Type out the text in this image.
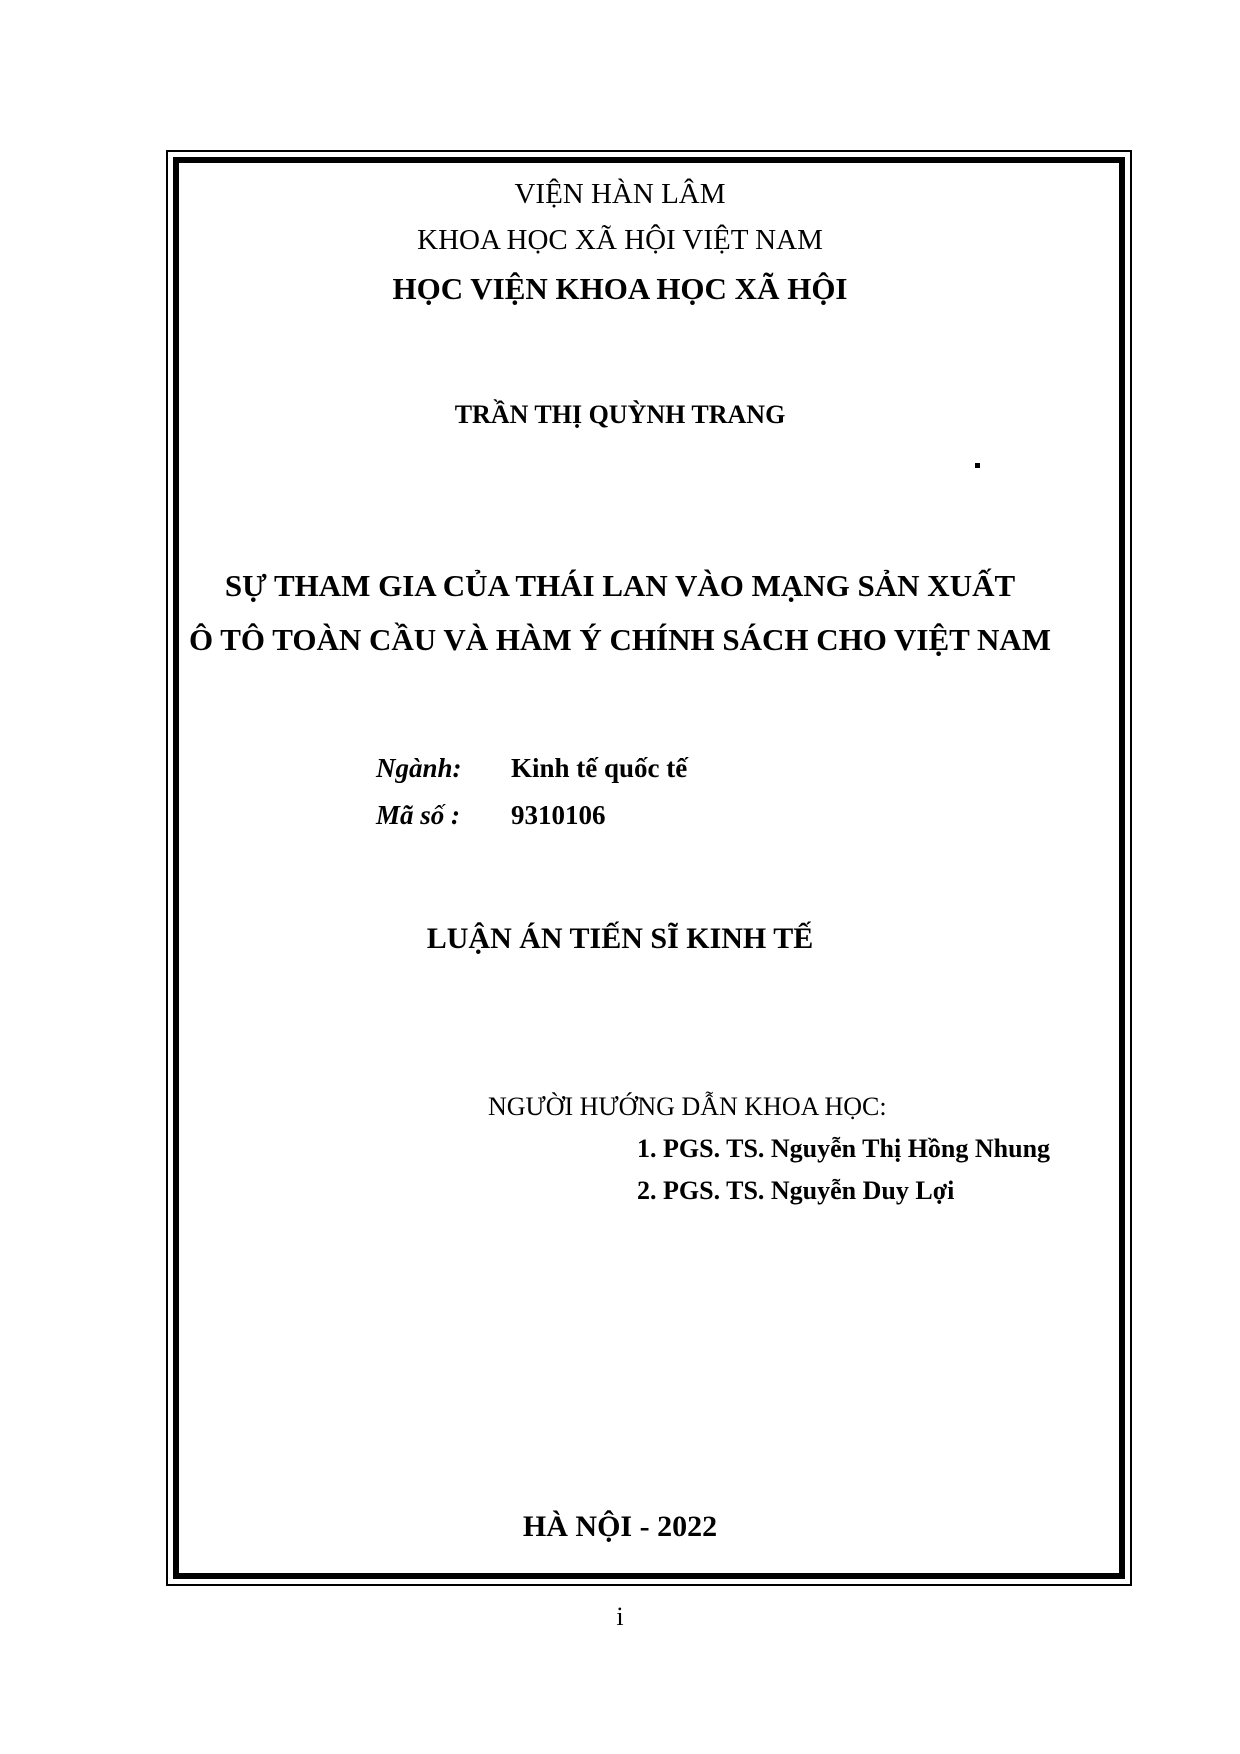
VIỆN HÀN LÂM
KHOA HỌC XÃ HỘI VIỆT NAM
HỌC VIỆN KHOA HỌC XÃ HỘI
TRẦN THỊ QUỲNH TRANG
SỰ THAM GIA CỦA THÁI LAN VÀO MẠNG SẢN XUẤT
Ô TÔ TOÀN CẦU VÀ HÀM Ý CHÍNH SÁCH CHO VIỆT NAM
Ngành: Kinh tế quốc tế
Mã số : 9310106
LUẬN ÁN TIẾN SĨ KINH TẾ
NGƯỜI HƯỚNG DẪN KHOA HỌC:
1. PGS. TS. Nguyễn Thị Hồng Nhung
2. PGS. TS. Nguyễn Duy Lợi
HÀ NỘI - 2022
i
